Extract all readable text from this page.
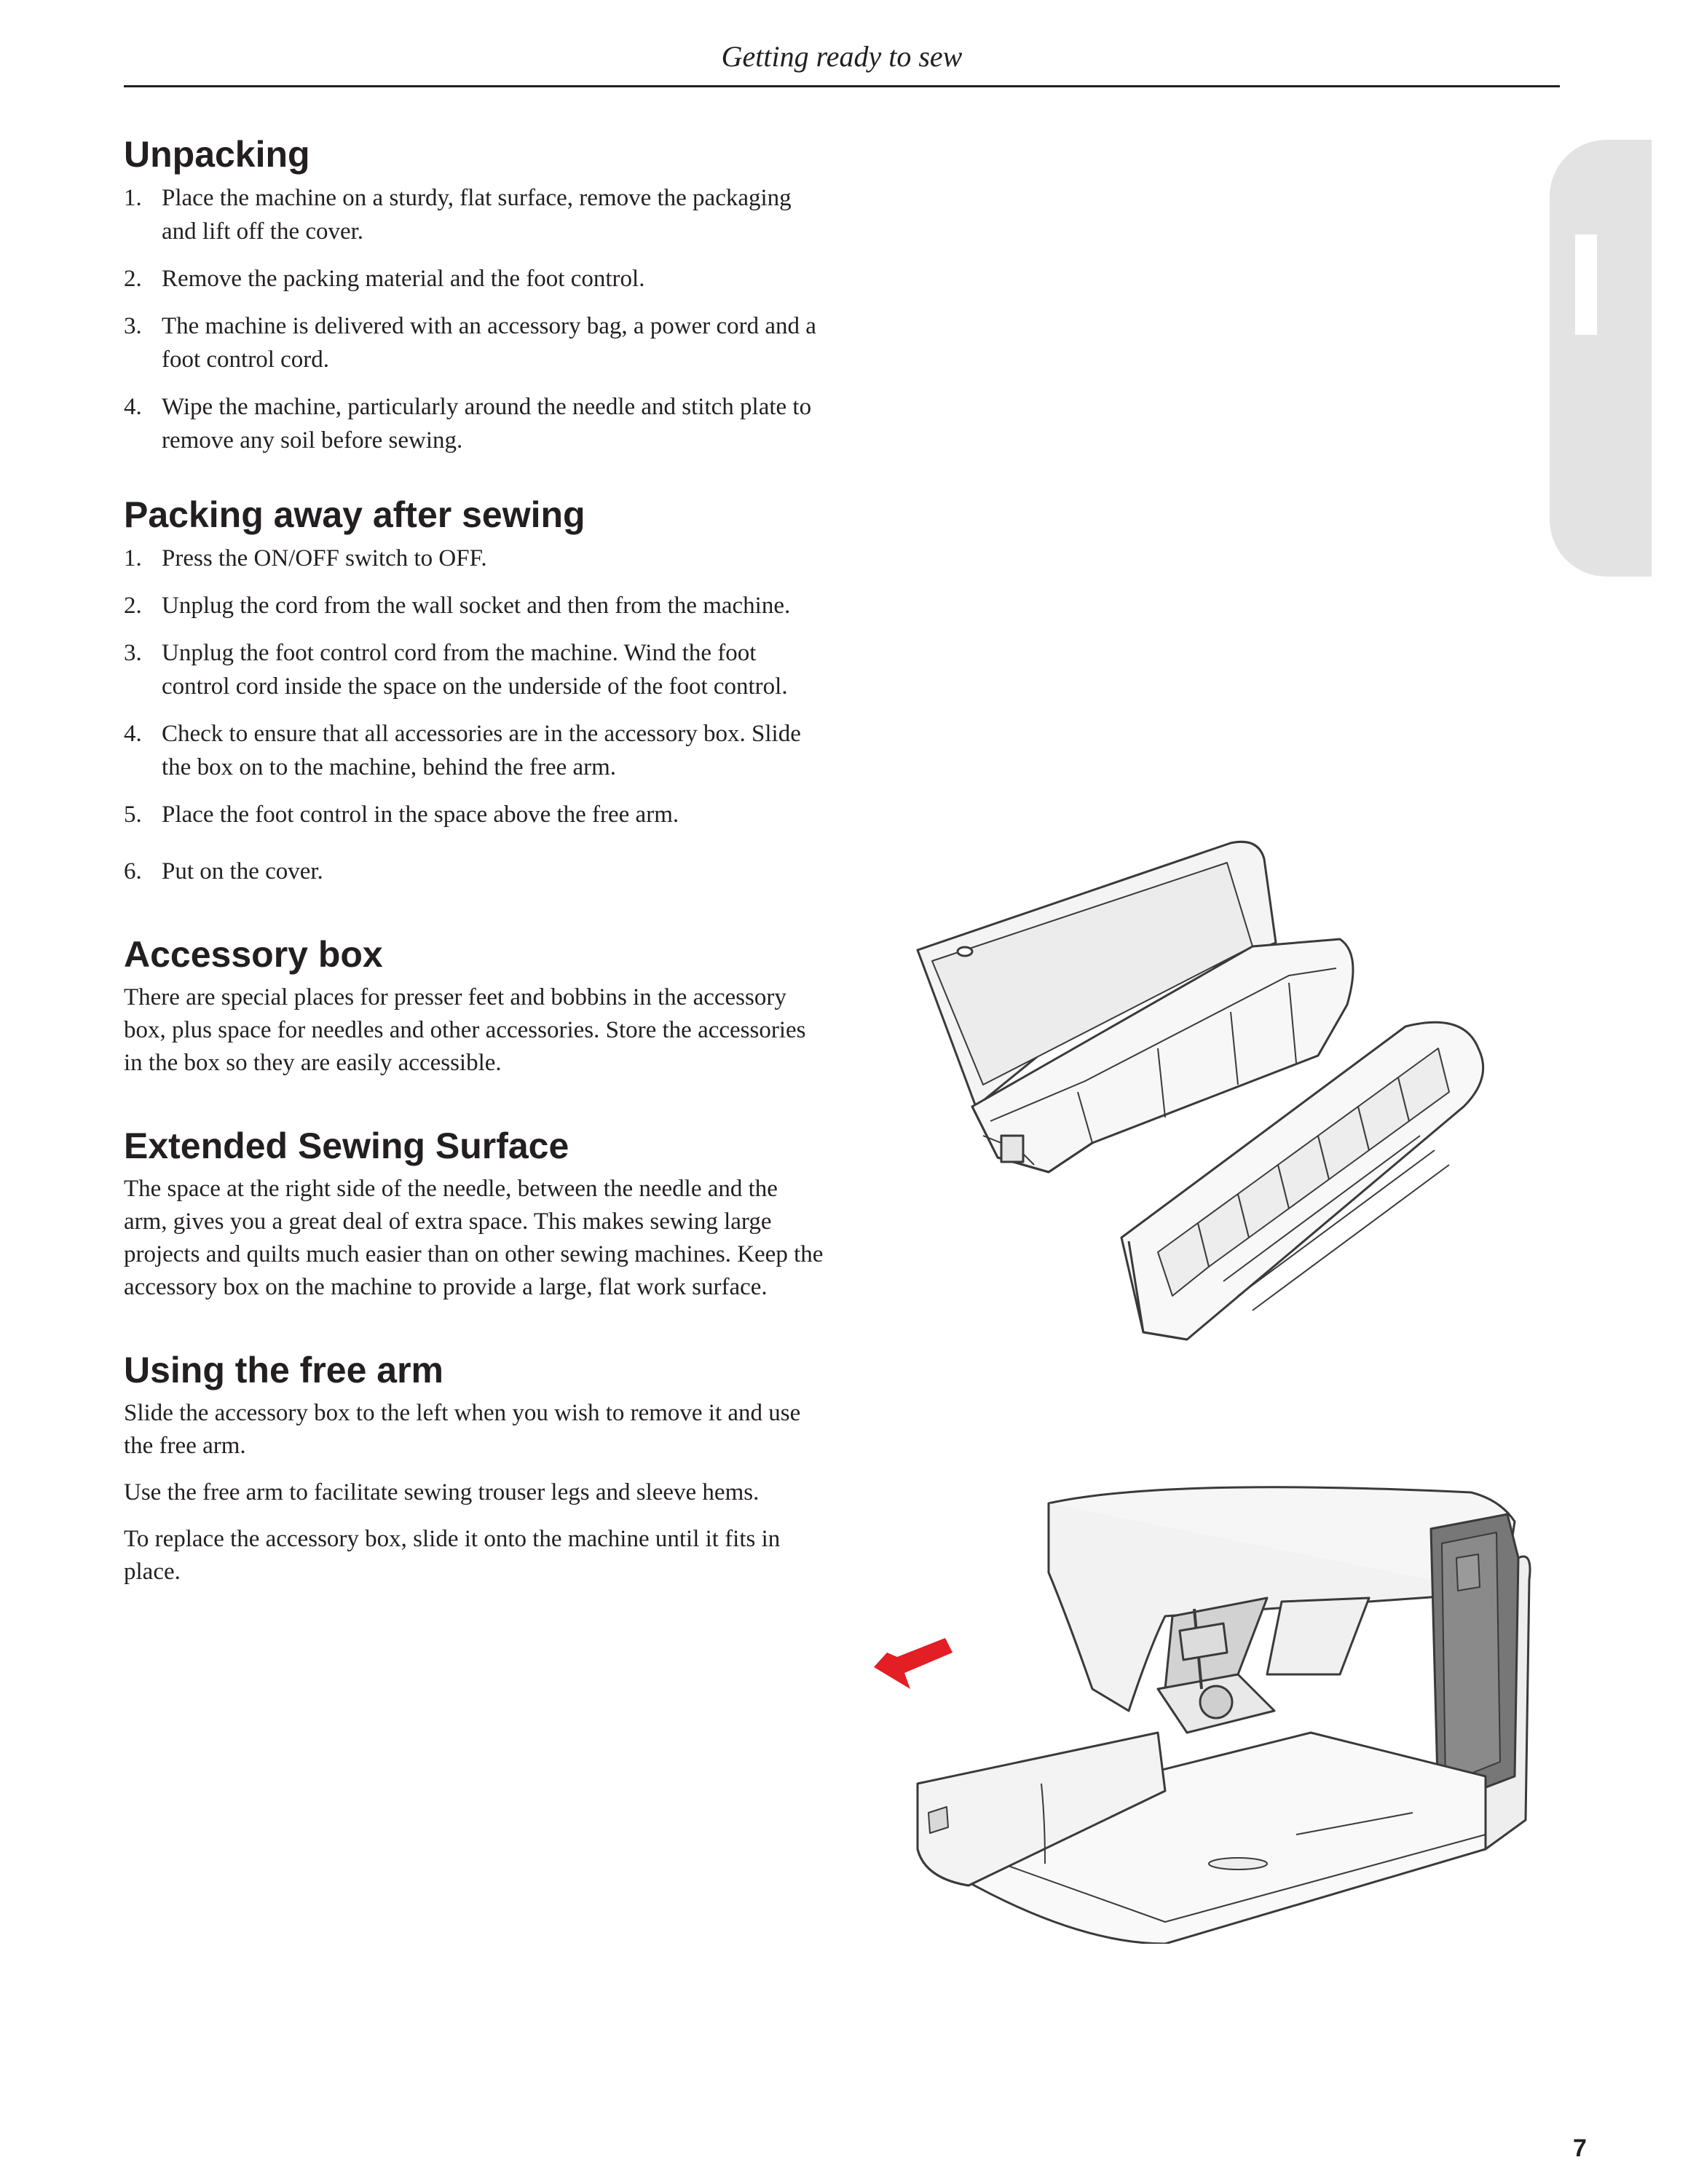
Getting ready to sew
Unpacking
1. Place the machine on a sturdy, flat surface, remove the packaging and lift off the cover.
2. Remove the packing material and the foot control.
3. The machine is delivered with an accessory bag, a power cord and a foot control cord.
4. Wipe the machine, particularly around the needle and stitch plate to remove any soil before sewing.
Packing away after sewing
1. Press the ON/OFF switch to OFF.
2. Unplug the cord from the wall socket and then from the machine.
3. Unplug the foot control cord from the machine. Wind the foot control cord inside the space on the underside of the foot control.
4. Check to ensure that all accessories are in the accessory box. Slide the box on to the machine, behind the free arm.
5. Place the foot control in the space above the free arm.
6. Put on the cover.
Accessory box

There are special places for presser feet and bobbins in the accessory box, plus space for needles and other accessories. Store the accessories in the box so they are easily accessible.

Extended Sewing Surface

The space at the right side of the needle, between the needle and the arm, gives you a great deal of extra space. This makes sewing large projects and quilts much easier than on other sewing machines. Keep the accessory box on the machine to provide a large, flat work surface.

Using the free arm

Slide the accessory box to the left when you wish to remove it and use the free arm.

Use the free arm to facilitate sewing trouser legs and sleeve hems.

To replace the accessory box, slide it onto the machine until it fits in place.

7
